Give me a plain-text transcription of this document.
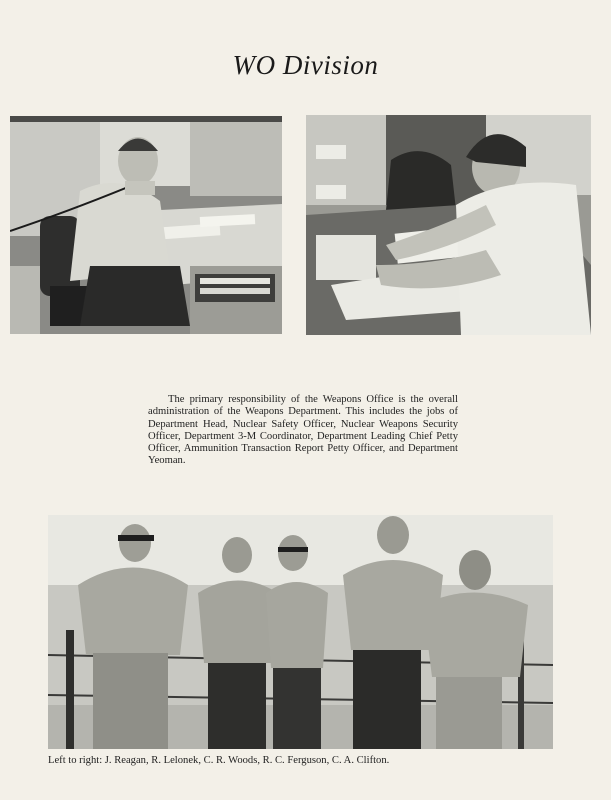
WO Division
The primary responsibility of the Weapons Office is the overall administration of the Weapons Department. This includes the jobs of Department Head, Nuclear Safety Officer, Nuclear Weapons Security Officer, Department 3-M Coordinator, Department Leading Chief Petty Officer, Ammunition Transaction Report Petty Officer, and Department Yeoman.
Left to right: J. Reagan, R. Lelonek, C. R. Woods, R. C. Ferguson, C. A. Clifton.
